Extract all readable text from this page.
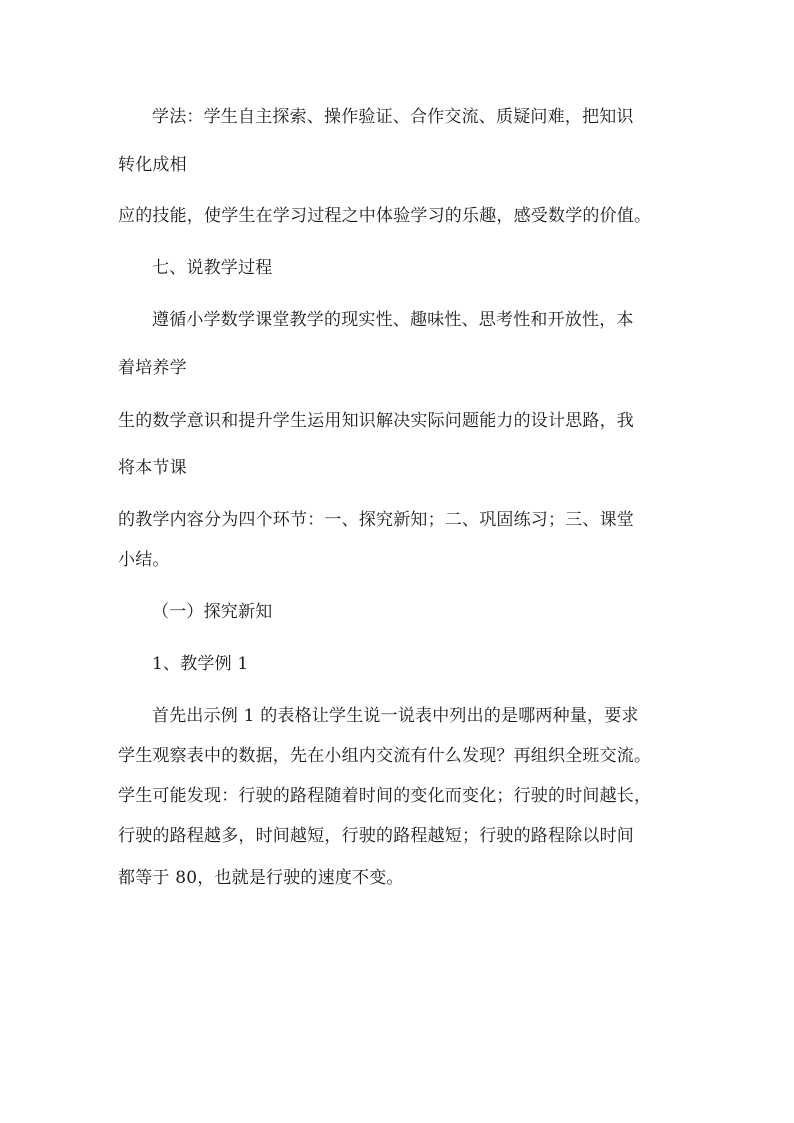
学法：学生自主探索、操作验证、合作交流、质疑问难，把知识
转化成相
应的技能，使学生在学习过程之中体验学习的乐趣，感受数学的价值。
七、说教学过程
遵循小学数学课堂教学的现实性、趣味性、思考性和开放性，本
着培养学
生的数学意识和提升学生运用知识解决实际问题能力的设计思路，我
将本节课
的教学内容分为四个环节：一、探究新知；二、巩固练习；三、课堂
小结。
（一）探究新知
1、教学例 1
首先出示例 1 的表格让学生说一说表中列出的是哪两种量，要求
学生观察表中的数据，先在小组内交流有什么发现？再组织全班交流。
学生可能发现：行驶的路程随着时间的变化而变化；行驶的时间越长，
行驶的路程越多，时间越短，行驶的路程越短；行驶的路程除以时间
都等于 80，也就是行驶的速度不变。
